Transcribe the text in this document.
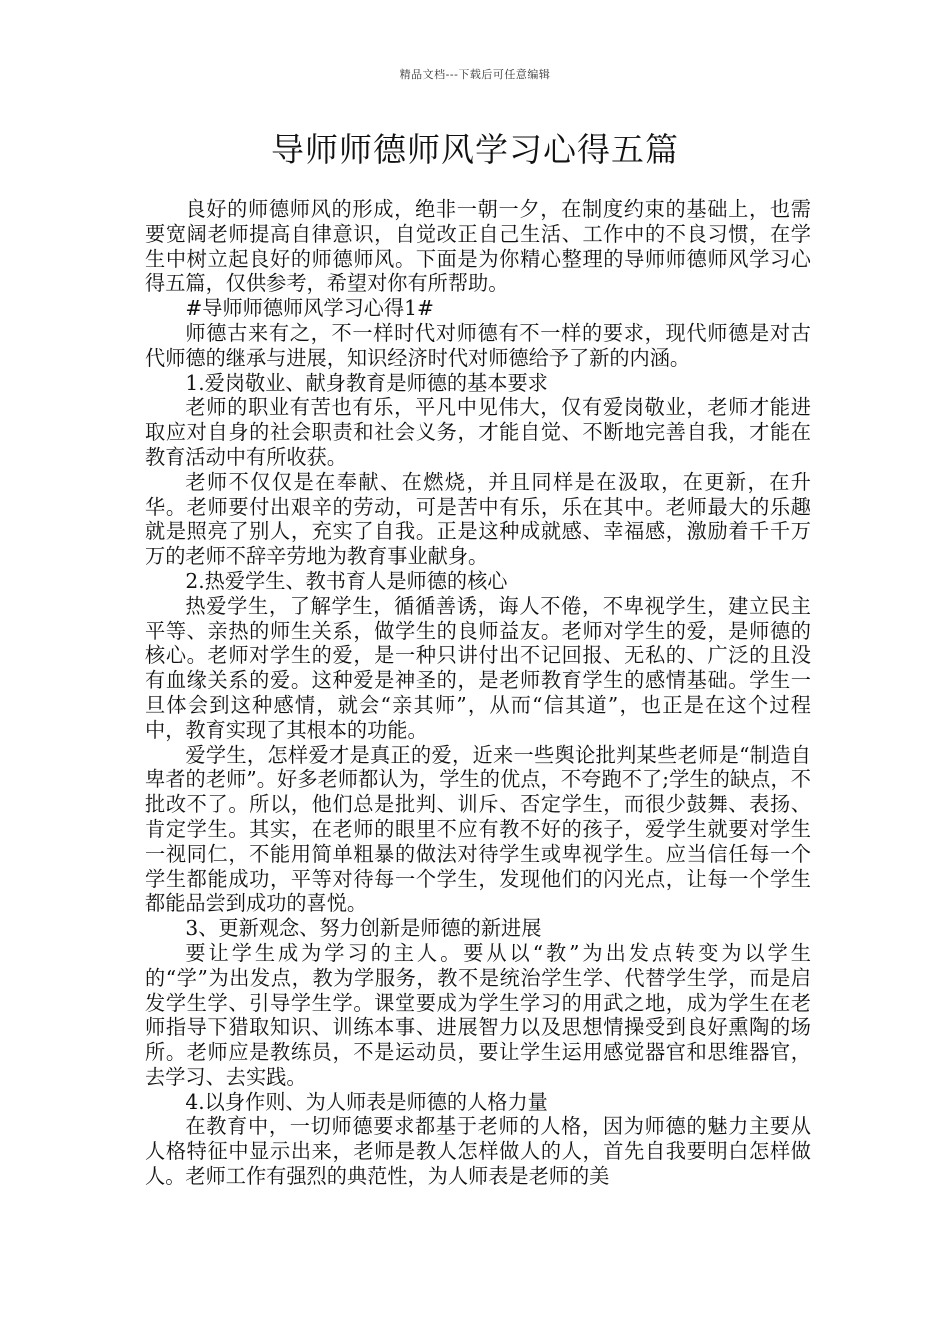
精品文档---下载后可任意编辑
导师师德师风学习心得五篇

良好的师德师风的形成，绝非一朝一夕，在制度约束的基础上，也需要宽阔老师提高自律意识，自觉改正自己生活、工作中的不良习惯，在学生中树立起良好的师德师风。下面是为你精心整理的导师师德师风学习心得五篇，仅供参考，希望对你有所帮助。

#导师师德师风学习心得1#

师德古来有之，不一样时代对师德有不一样的要求，现代师德是对古代师德的继承与进展，知识经济时代对师德给予了新的内涵。

1.爱岗敬业、献身教育是师德的基本要求

老师的职业有苦也有乐，平凡中见伟大，仅有爱岗敬业，老师才能进取应对自身的社会职责和社会义务，才能自觉、不断地完善自我，才能在教育活动中有所收获。

老师不仅仅是在奉献、在燃烧，并且同样是在汲取，在更新，在升华。老师要付出艰辛的劳动，可是苦中有乐，乐在其中。老师最大的乐趣就是照亮了别人，充实了自我。正是这种成就感、幸福感，激励着千千万万的老师不辞辛劳地为教育事业献身。

2.热爱学生、教书育人是师德的核心

热爱学生，了解学生，循循善诱，诲人不倦，不卑视学生，建立民主平等、亲热的师生关系，做学生的良师益友。老师对学生的爱，是师德的核心。老师对学生的爱，是一种只讲付出不记回报、无私的、广泛的且没有血缘关系的爱。这种爱是神圣的，是老师教育学生的感情基础。学生一旦体会到这种感情，就会“亲其师”，从而“信其道”，也正是在这个过程中，教育实现了其根本的功能。

爱学生，怎样爱才是真正的爱，近来一些舆论批判某些老师是“制造自卑者的老师”。好多老师都认为，学生的优点，不夸跑不了;学生的缺点，不批改不了。所以，他们总是批判、训斥、否定学生，而很少鼓舞、表扬、肯定学生。其实，在老师的眼里不应有教不好的孩子，爱学生就要对学生一视同仁，不能用简单粗暴的做法对待学生或卑视学生。应当信任每一个学生都能成功，平等对待每一个学生，发现他们的闪光点，让每一个学生都能品尝到成功的喜悦。

3、更新观念、努力创新是师德的新进展

要让学生成为学习的主人。要从以“教”为出发点转变为以学生的“学”为出发点，教为学服务，教不是统治学生学、代替学生学，而是启发学生学、引导学生学。课堂要成为学生学习的用武之地，成为学生在老师指导下猎取知识、训练本事、进展智力以及思想情操受到良好熏陶的场所。老师应是教练员，不是运动员，要让学生运用感觉器官和思维器官，去学习、去实践。

4.以身作则、为人师表是师德的人格力量

在教育中，一切师德要求都基于老师的人格，因为师德的魅力主要从人格特征中显示出来，老师是教人怎样做人的人，首先自我要明白怎样做人。老师工作有强烈的典范性，为人师表是老师的美
